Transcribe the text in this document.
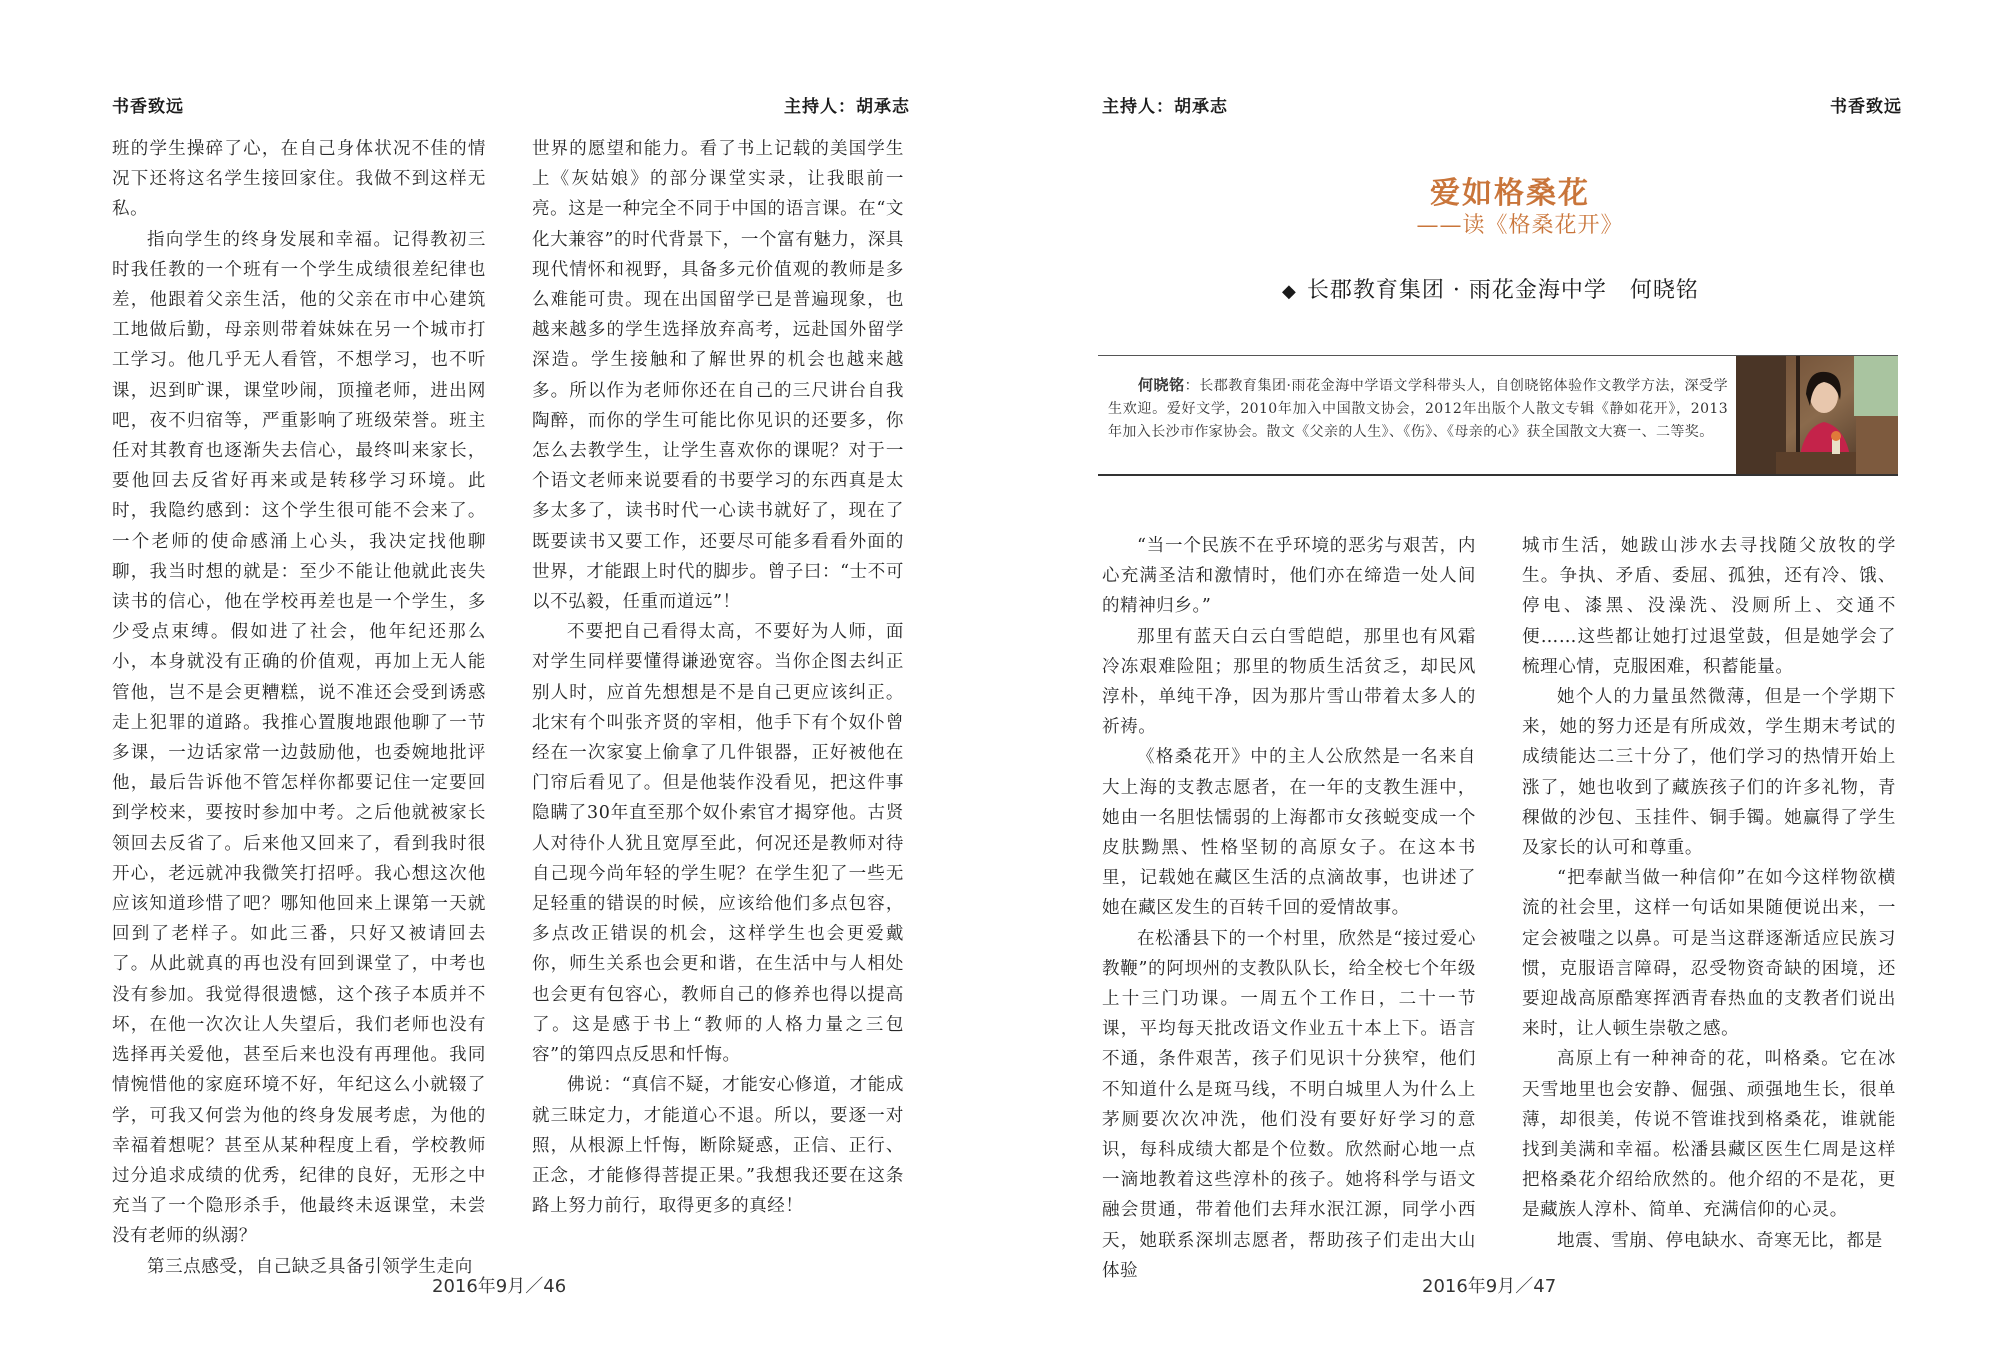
书香致远	主持人：胡承志

班的学生操碎了心，在自己身体状况不佳的情况下还将这名学生接回家住。我做不到这样无私。

指向学生的终身发展和幸福。记得教初三时我任教的一个班有一个学生成绩很差纪律也差，他跟着父亲生活，他的父亲在市中心建筑工地做后勤，母亲则带着妹妹在另一个城市打工学习。他几乎无人看管，不想学习，也不听课，迟到旷课，课堂吵闹，顶撞老师，进出网吧，夜不归宿等，严重影响了班级荣誉。班主任对其教育也逐渐失去信心，最终叫来家长，要他回去反省好再来或是转移学习环境。此时，我隐约感到：这个学生很可能不会来了。一个老师的使命感涌上心头，我决定找他聊聊，我当时想的就是：至少不能让他就此丧失读书的信心，他在学校再差也是一个学生，多少受点束缚。假如进了社会，他年纪还那么小，本身就没有正确的价值观，再加上无人能管他，岂不是会更糟糕，说不准还会受到诱惑走上犯罪的道路。我推心置腹地跟他聊了一节多课，一边话家常一边鼓励他，也委婉地批评他，最后告诉他不管怎样你都要记住一定要回到学校来，要按时参加中考。之后他就被家长领回去反省了。后来他又回来了，看到我时很开心，老远就冲我微笑打招呼。我心想这次他应该知道珍惜了吧？哪知他回来上课第一天就回到了老样子。如此三番，只好又被请回去了。从此就真的再也没有回到课堂了，中考也没有参加。我觉得很遗憾，这个孩子本质并不坏，在他一次次让人失望后，我们老师也没有选择再关爱他，甚至后来也没有再理他。我同情惋惜他的家庭环境不好，年纪这么小就辍了学，可我又何尝为他的终身发展考虑，为他的幸福着想呢？甚至从某种程度上看，学校教师过分追求成绩的优秀，纪律的良好，无形之中充当了一个隐形杀手，他最终未返课堂，未尝没有老师的纵溺？

第三点感受，自己缺乏具备引领学生走向

世界的愿望和能力。看了书上记载的美国学生上《灰姑娘》的部分课堂实录，让我眼前一亮。这是一种完全不同于中国的语言课。在“文化大兼容”的时代背景下，一个富有魅力，深具现代情怀和视野，具备多元价值观的教师是多么难能可贵。现在出国留学已是普遍现象，也越来越多的学生选择放弃高考，远赴国外留学深造。学生接触和了解世界的机会也越来越多。所以作为老师你还在自己的三尺讲台自我陶醉，而你的学生可能比你见识的还要多，你怎么去教学生，让学生喜欢你的课呢？对于一个语文老师来说要看的书要学习的东西真是太多太多了，读书时代一心读书就好了，现在了既要读书又要工作，还要尽可能多看看外面的世界，才能跟上时代的脚步。曾子曰：“士不可以不弘毅，任重而道远”！

不要把自己看得太高，不要好为人师，面对学生同样要懂得谦逊宽容。当你企图去纠正别人时，应首先想想是不是自己更应该纠正。北宋有个叫张齐贤的宰相，他手下有个奴仆曾经在一次家宴上偷拿了几件银器，正好被他在门帘后看见了。但是他装作没看见，把这件事隐瞒了30年直至那个奴仆索官才揭穿他。古贤人对待仆人犹且宽厚至此，何况还是教师对待自己现今尚年轻的学生呢？在学生犯了一些无足轻重的错误的时候，应该给他们多点包容，多点改正错误的机会，这样学生也会更爱戴你，师生关系也会更和谐，在生活中与人相处也会更有包容心，教师自己的修养也得以提高了。这是感于书上“教师的人格力量之三包容”的第四点反思和忏悔。

佛说：“真信不疑，才能安心修道，才能成就三昧定力，才能道心不退。所以，要逐一对照，从根源上忏悔，断除疑惑，正信、正行、正念，才能修得菩提正果。”我想我还要在这条路上努力前行，取得更多的真经！

2016年9月／46
主持人：胡承志	书香致远
爱如格桑花
——读《格桑花开》
◆ 长郡教育集团 · 雨花金海中学　何晓铭
何晓铭：长郡教育集团·雨花金海中学语文学科带头人，自创晓铭体验作文教学方法，深受学生欢迎。爱好文学，2010年加入中国散文协会，2012年出版个人散文专辑《静如花开》，2013年加入长沙市作家协会。散文《父亲的人生》、《伤》、《母亲的心》获全国散文大赛一、二等奖。

“当一个民族不在乎环境的恶劣与艰苦，内心充满圣洁和激情时，他们亦在缔造一处人间的精神归乡。”

那里有蓝天白云白雪皑皑，那里也有风霜冷冻艰难险阻；那里的物质生活贫乏，却民风淳朴，单纯干净，因为那片雪山带着太多人的祈祷。

《格桑花开》中的主人公欣然是一名来自大上海的支教志愿者，在一年的支教生涯中，她由一名胆怯懦弱的上海都市女孩蜕变成一个皮肤黝黑、性格坚韧的高原女子。在这本书里，记载她在藏区生活的点滴故事，也讲述了她在藏区发生的百转千回的爱情故事。

在松潘县下的一个村里，欣然是“接过爱心教鞭”的阿坝州的支教队队长，给全校七个年级上十三门功课。一周五个工作日，二十一节课，平均每天批改语文作业五十本上下。语言不通，条件艰苦，孩子们见识十分狭窄，他们不知道什么是斑马线，不明白城里人为什么上茅厕要次次冲洗，他们没有要好好学习的意识，每科成绩大都是个位数。欣然耐心地一点一滴地教着这些淳朴的孩子。她将科学与语文融会贯通，带着他们去拜水泯江源，同学小西天，她联系深圳志愿者，帮助孩子们走出大山体验

城市生活，她跋山涉水去寻找随父放牧的学生。争执、矛盾、委屈、孤独，还有冷、饿、停电、漆黑、没澡洗、没厕所上、交通不便……这些都让她打过退堂鼓，但是她学会了梳理心情，克服困难，积蓄能量。

她个人的力量虽然微薄，但是一个学期下来，她的努力还是有所成效，学生期末考试的成绩能达二三十分了，他们学习的热情开始上涨了，她也收到了藏族孩子们的许多礼物，青稞做的沙包、玉挂件、铜手镯。她赢得了学生及家长的认可和尊重。

“把奉献当做一种信仰”在如今这样物欲横流的社会里，这样一句话如果随便说出来，一定会被嗤之以鼻。可是当这群逐渐适应民族习惯，克服语言障碍，忍受物资奇缺的困境，还要迎战高原酷寒挥洒青春热血的支教者们说出来时，让人顿生崇敬之感。

高原上有一种神奇的花，叫格桑。它在冰天雪地里也会安静、倔强、顽强地生长，很单薄，却很美，传说不管谁找到格桑花，谁就能找到美满和幸福。松潘县藏区医生仁周是这样把格桑花介绍给欣然的。他介绍的不是花，更是藏族人淳朴、简单、充满信仰的心灵。

地震、雪崩、停电缺水、奇寒无比，都是

2016年9月／47
